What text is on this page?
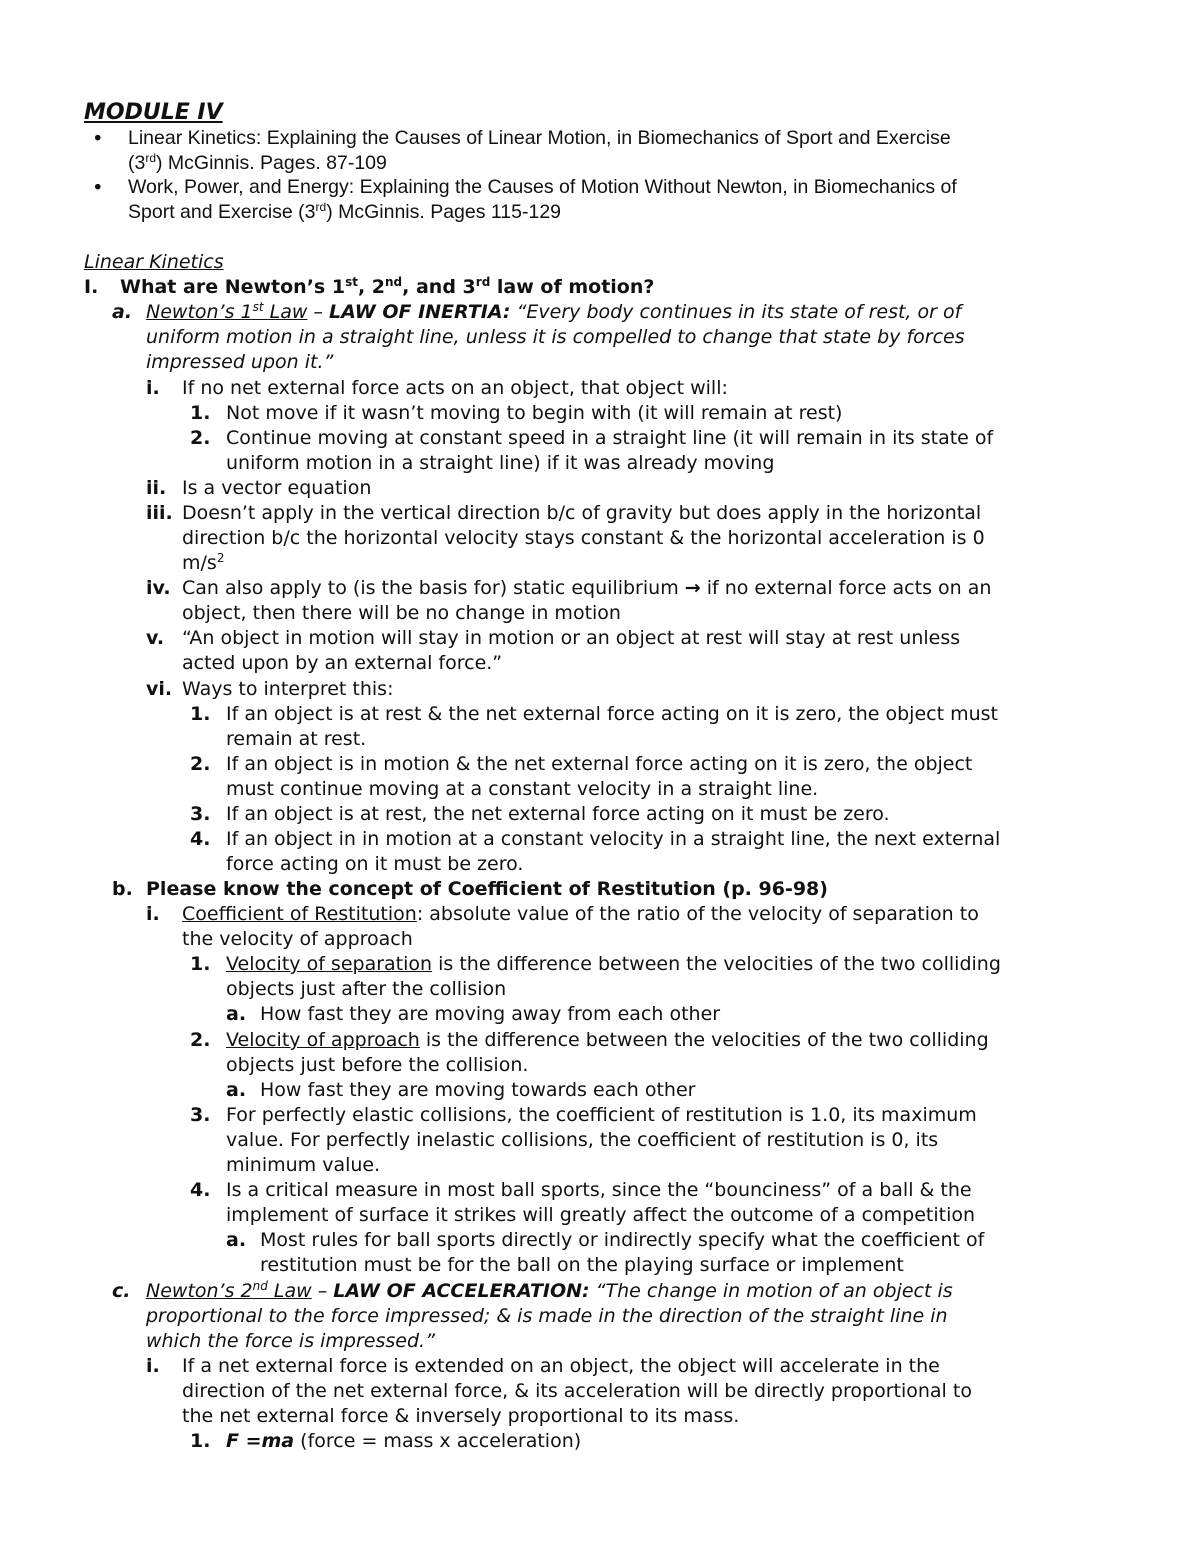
MODULE IV
• Linear Kinetics: Explaining the Causes of Linear Motion, in Biomechanics of Sport and Exercise
(3rd) McGinnis. Pages. 87-109
• Work, Power, and Energy: Explaining the Causes of Motion Without Newton, in Biomechanics of
Sport and Exercise (3rd) McGinnis. Pages 115-129
Linear Kinetics
I. What are Newton’s 1st, 2nd, and 3rd law of motion?
a. Newton’s 1st Law – LAW OF INERTIA: “Every body continues in its state of rest, or of
uniform motion in a straight line, unless it is compelled to change that state by forces
impressed upon it.”
i. If no net external force acts on an object, that object will:
1. Not move if it wasn’t moving to begin with (it will remain at rest)
2. Continue moving at constant speed in a straight line (it will remain in its state of
uniform motion in a straight line) if it was already moving
ii. Is a vector equation
iii. Doesn’t apply in the vertical direction b/c of gravity but does apply in the horizontal
direction b/c the horizontal velocity stays constant & the horizontal acceleration is 0
$m/s^2$
iv. Can also apply to (is the basis for) static equilibrium → if no external force acts on an
object, then there will be no change in motion
v. “An object in motion will stay in motion or an object at rest will stay at rest unless
acted upon by an external force.”
vi. Ways to interpret this:
1. If an object is at rest & the net external force acting on it is zero, the object must
remain at rest.
2. If an object is in motion & the net external force acting on it is zero, the object
must continue moving at a constant velocity in a straight line.
3. If an object is at rest, the net external force acting on it must be zero.
4. If an object in in motion at a constant velocity in a straight line, the next external
force acting on it must be zero.
b. Please know the concept of Coefficient of Restitution (p. 96-98)
i. Coefficient of Restitution: absolute value of the ratio of the velocity of separation to
the velocity of approach
1. Velocity of separation is the difference between the velocities of the two colliding
objects just after the collision
a. How fast they are moving away from each other
2. Velocity of approach is the difference between the velocities of the two colliding
objects just before the collision.
a. How fast they are moving towards each other
3. For perfectly elastic collisions, the coefficient of restitution is 1.0, its maximum
value. For perfectly inelastic collisions, the coefficient of restitution is 0, its
minimum value.
4. Is a critical measure in most ball sports, since the “bounciness” of a ball & the
implement of surface it strikes will greatly affect the outcome of a competition
a. Most rules for ball sports directly or indirectly specify what the coefficient of
restitution must be for the ball on the playing surface or implement
c. Newton’s 2nd Law – LAW OF ACCELERATION: “The change in motion of an object is
proportional to the force impressed; & is made in the direction of the straight line in
which the force is impressed.”
i. If a net external force is extended on an object, the object will accelerate in the
direction of the net external force, & its acceleration will be directly proportional to
the net external force & inversely proportional to its mass.
1. F =ma (force = mass x acceleration)
